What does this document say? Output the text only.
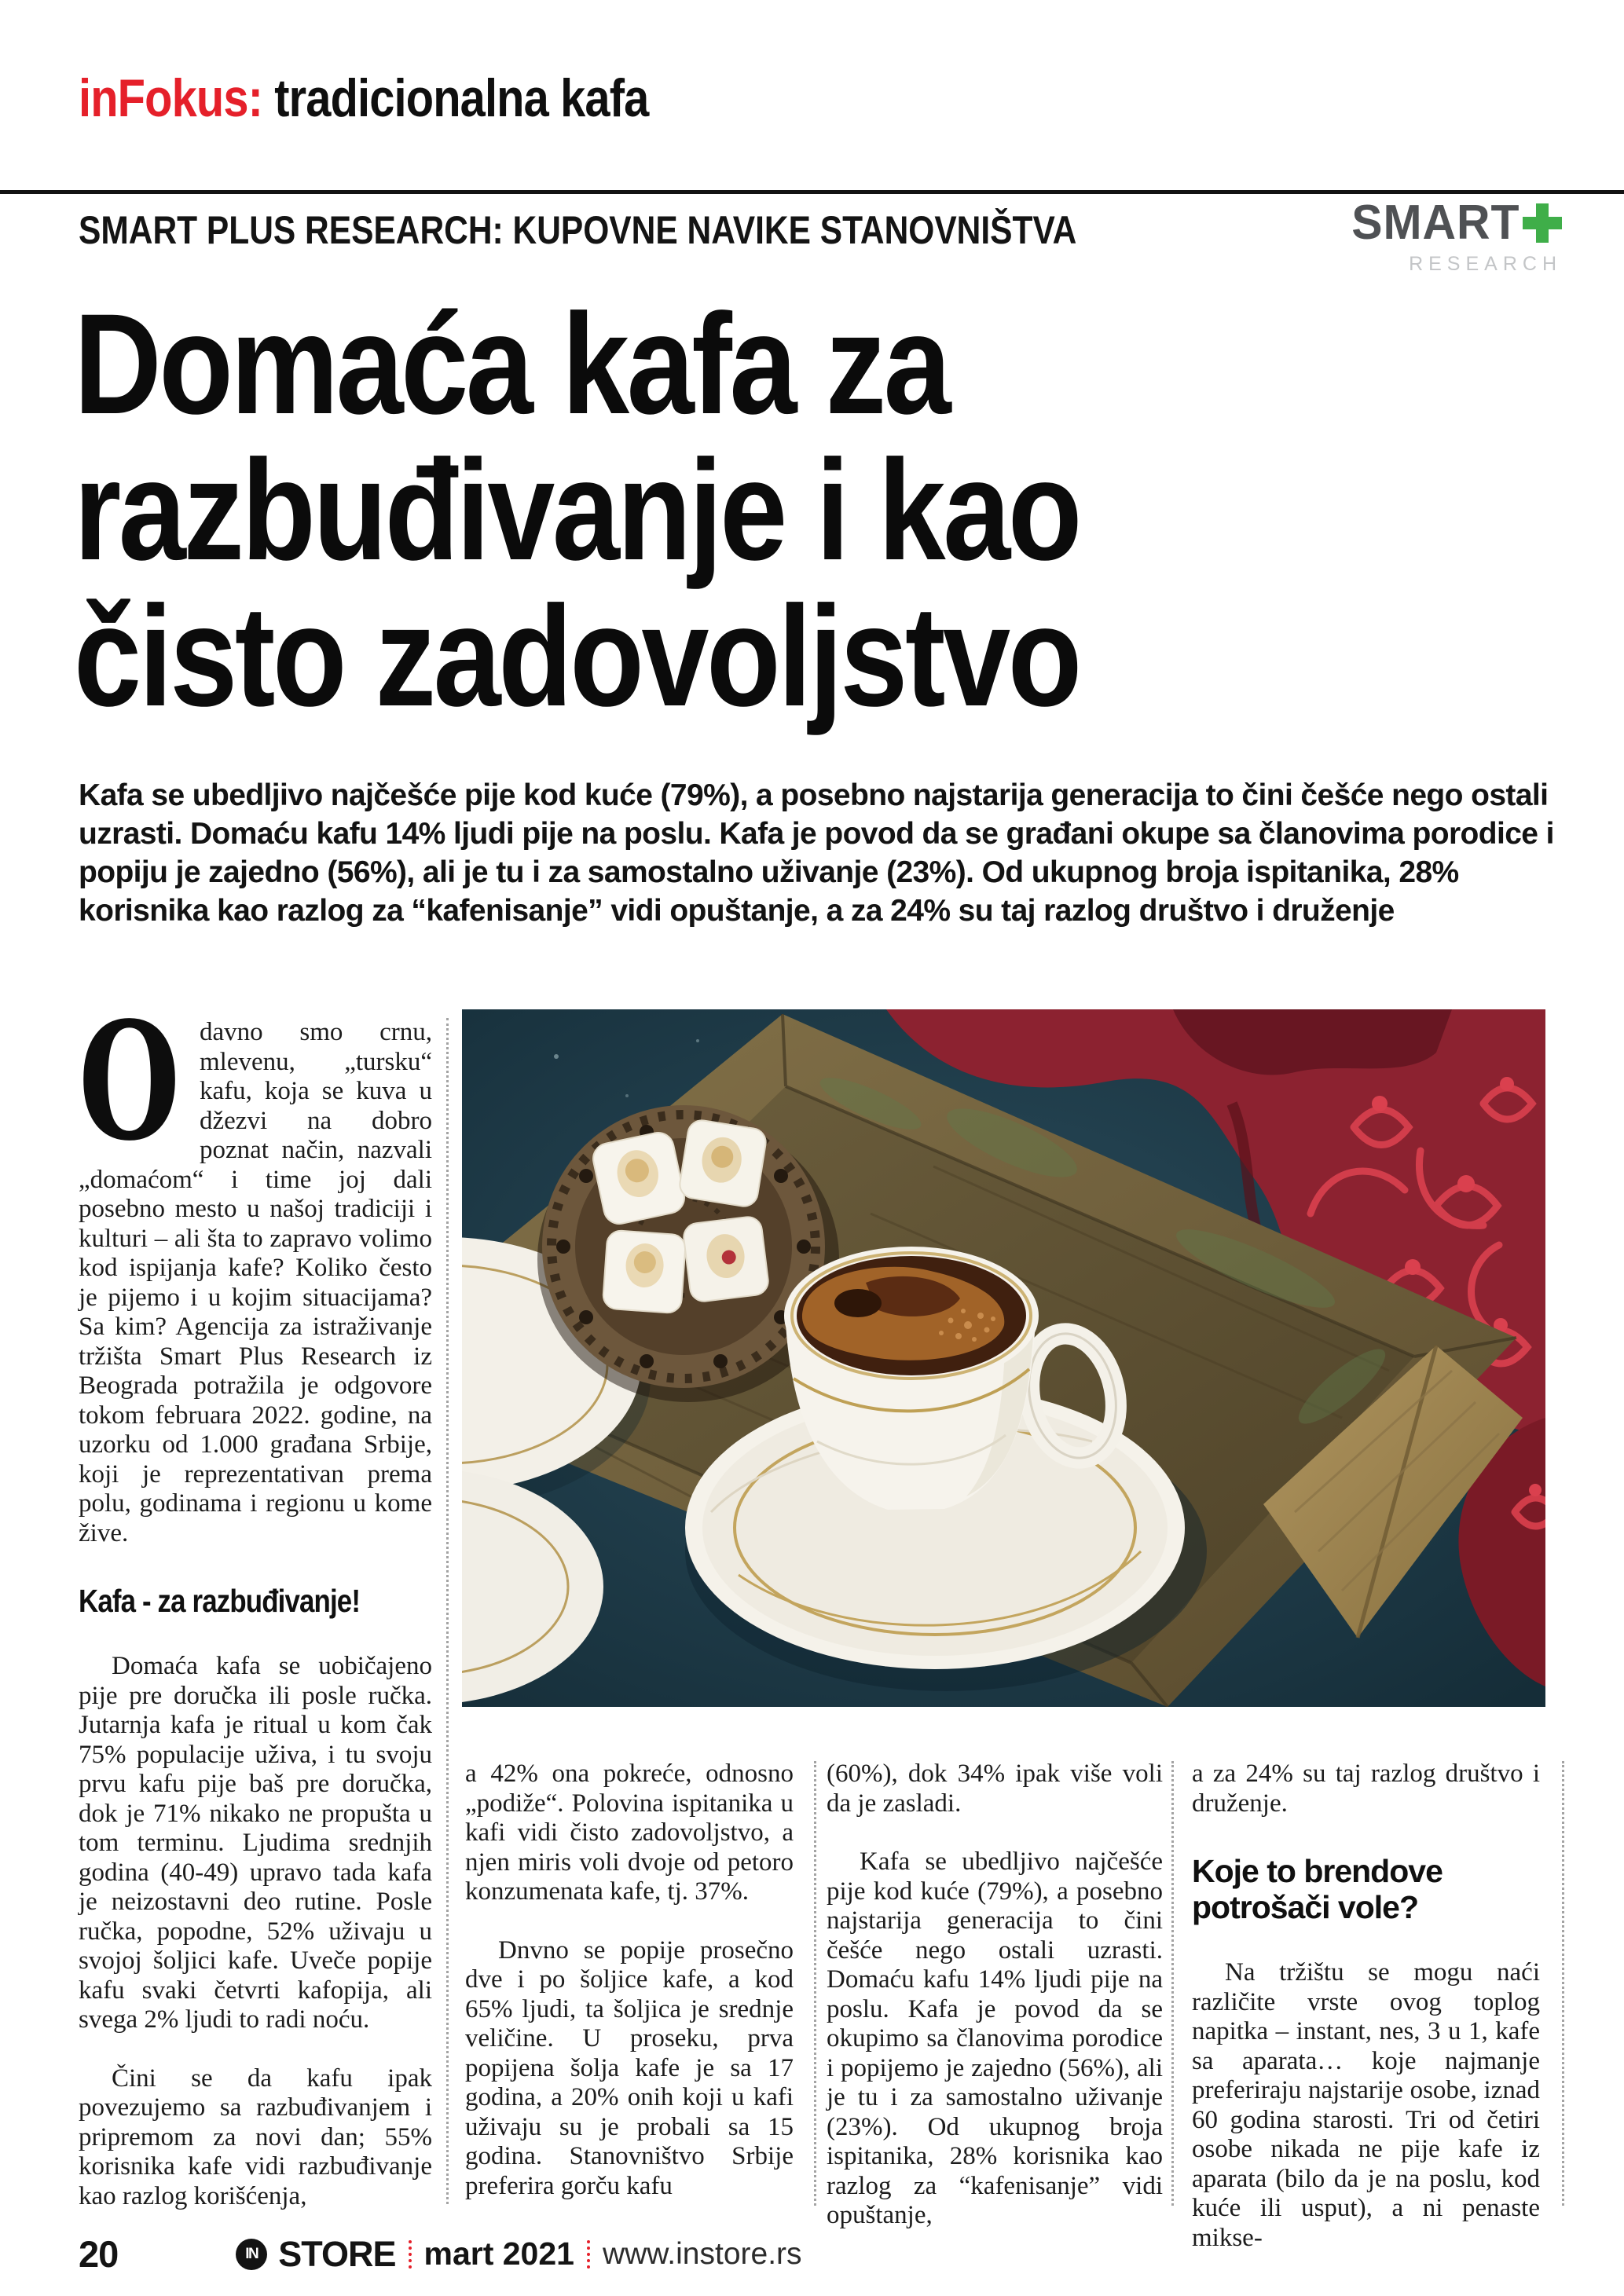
inFokus: tradicionalna kafa
SMART PLUS RESEARCH: KUPOVNE NAVIKE STANOVNIŠTVA	SMART
RESEARCH
Domaća kafa za
razbuđivanje i kao
čisto zadovoljstvo
Kafa se ubedljivo najčešće pije kod kuće (79%), a posebno najstarija generacija to čini češće nego ostali uzrasti. Domaću kafu 14% ljudi pije na poslu. Kafa je povod da se građani okupe sa članovima porodice i popiju je zajedno (56%), ali je tu i za samostalno uživanje (23%). Od ukupnog broja ispitanika, 28% korisnika kao razlog za “kafenisanje” vidi opuštanje, a za 24% su taj razlog društvo i druženje

O davno smo crnu, mlevenu, „tursku“ kafu, koja se kuva u džezvi na dobro poznat način, nazvali „domaćom“ i time joj dali posebno mesto u našoj tradiciji i kulturi – ali šta to zapravo volimo kod ispijanja kafe? Koliko često je pijemo i u kojim situacijama? Sa kim? Agencija za istraživanje tržišta Smart Plus Research iz Beograda potražila je odgovore tokom februara 2022. godine, na uzorku od 1.000 građana Srbije, koji je reprezentativan prema polu, godinama i regionu u kome žive.

Kafa - za razbuđivanje!

Domaća kafa se uobičajeno pije pre doručka ili posle ručka. Jutarnja kafa je ritual u kom čak 75% populacije uživa, i tu svoju prvu kafu pije baš pre doručka, dok je 71% nikako ne propušta u tom terminu. Ljudima srednjih godina (40-49) upravo tada kafa je neizostavni deo rutine. Posle ručka, popodne, 52% uživaju u svojoj šoljici kafe. Uveče popije kafu svaki četvrti kafopija, ali svega 2% ljudi to radi noću.

Čini se da kafu ipak povezujemo sa razbuđivanjem i pripremom za novi dan; 55% korisnika kafe vidi razbuđivanje kao razlog korišćenja,

a 42% ona pokreće, odnosno „podiže“. Polovina ispitanika u kafi vidi čisto zadovoljstvo, a njen miris voli dvoje od petoro konzumenata kafe, tj. 37%.

Dnvno se popije prosečno dve i po šoljice kafe, a kod 65% ljudi, ta šoljica je srednje veličine. U proseku, prva popijena šolja kafe je sa 17 godina, a 20% onih koji u kafi uživaju su je probali sa 15 godina. Stanovništvo Srbije preferira gorču kafu

(60%), dok 34% ipak više voli da je zasladi.

Kafa se ubedljivo najčešće pije kod kuće (79%), a posebno najstarija generacija to čini češće nego ostali uzrasti. Domaću kafu 14% ljudi pije na poslu. Kafa je povod da se okupimo sa članovima porodice i popijemo je zajedno (56%), ali je tu i za samostalno uživanje (23%). Od ukupnog broja ispitanika, 28% korisnika kao razlog za “kafenisanje” vidi opuštanje,

a za 24% su taj razlog društvo i druženje.

Koje to brendove potrošači vole?

Na tržištu se mogu naći različite vrste ovog toplog napitka – instant, nes, 3 u 1, kafe sa aparata… koje najmanje preferiraju najstarije osobe, iznad 60 godina starosti. Tri od četiri osobe nikada ne pije kafe iz aparata (bilo da je na poslu, kod kuće ili usput), a ni penaste mikse-

20	IN STORE mart 2021 www.instore.rs
